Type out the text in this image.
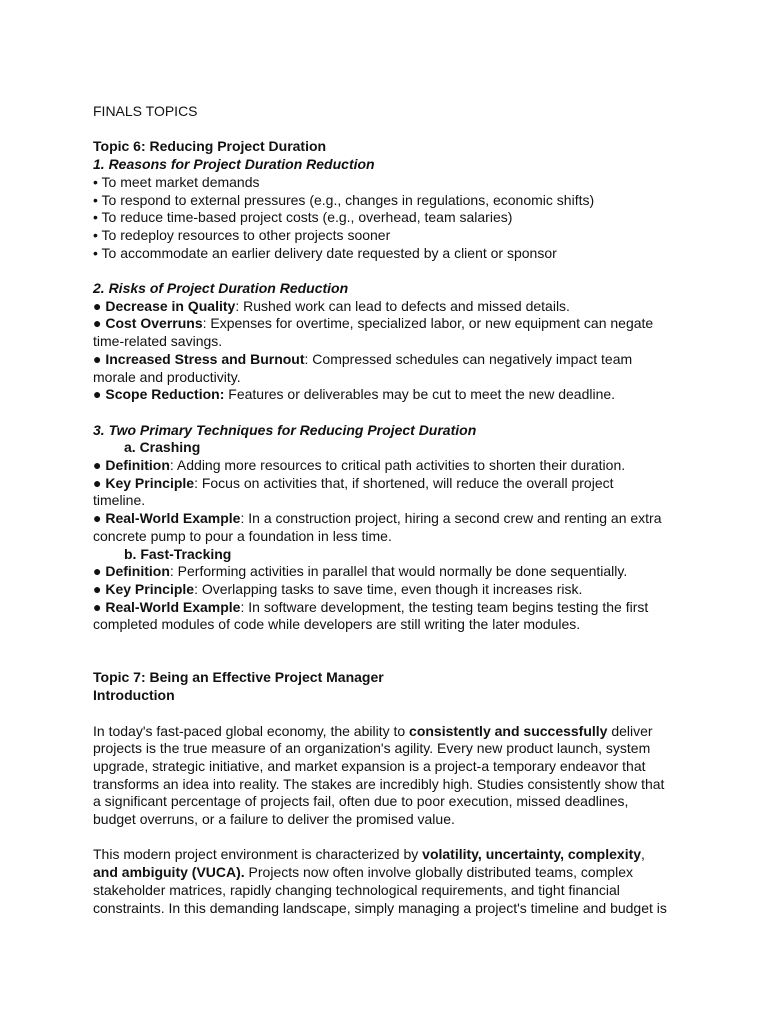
FINALS TOPICS
Topic 6: Reducing Project Duration
1. Reasons for Project Duration Reduction
• To meet market demands
• To respond to external pressures (e.g., changes in regulations, economic shifts)
• To reduce time-based project costs (e.g., overhead, team salaries)
• To redeploy resources to other projects sooner
• To accommodate an earlier delivery date requested by a client or sponsor
2. Risks of Project Duration Reduction
● Decrease in Quality: Rushed work can lead to defects and missed details.
● Cost Overruns: Expenses for overtime, specialized labor, or new equipment can negate
time-related savings.
● Increased Stress and Burnout: Compressed schedules can negatively impact team
morale and productivity.
● Scope Reduction: Features or deliverables may be cut to meet the new deadline.
3. Two Primary Techniques for Reducing Project Duration
a. Crashing
● Definition: Adding more resources to critical path activities to shorten their duration.
● Key Principle: Focus on activities that, if shortened, will reduce the overall project
timeline.
● Real-World Example: In a construction project, hiring a second crew and renting an extra
concrete pump to pour a foundation in less time.
b. Fast-Tracking
● Definition: Performing activities in parallel that would normally be done sequentially.
● Key Principle: Overlapping tasks to save time, even though it increases risk.
● Real-World Example: In software development, the testing team begins testing the first
completed modules of code while developers are still writing the later modules.
Topic 7: Being an Effective Project Manager
Introduction
In today's fast-paced global economy, the ability to consistently and successfully deliver
projects is the true measure of an organization's agility. Every new product launch, system
upgrade, strategic initiative, and market expansion is a project-a temporary endeavor that
transforms an idea into reality. The stakes are incredibly high. Studies consistently show that
a significant percentage of projects fail, often due to poor execution, missed deadlines,
budget overruns, or a failure to deliver the promised value.
This modern project environment is characterized by volatility, uncertainty, complexity,
and ambiguity (VUCA). Projects now often involve globally distributed teams, complex
stakeholder matrices, rapidly changing technological requirements, and tight financial
constraints. In this demanding landscape, simply managing a project's timeline and budget is
